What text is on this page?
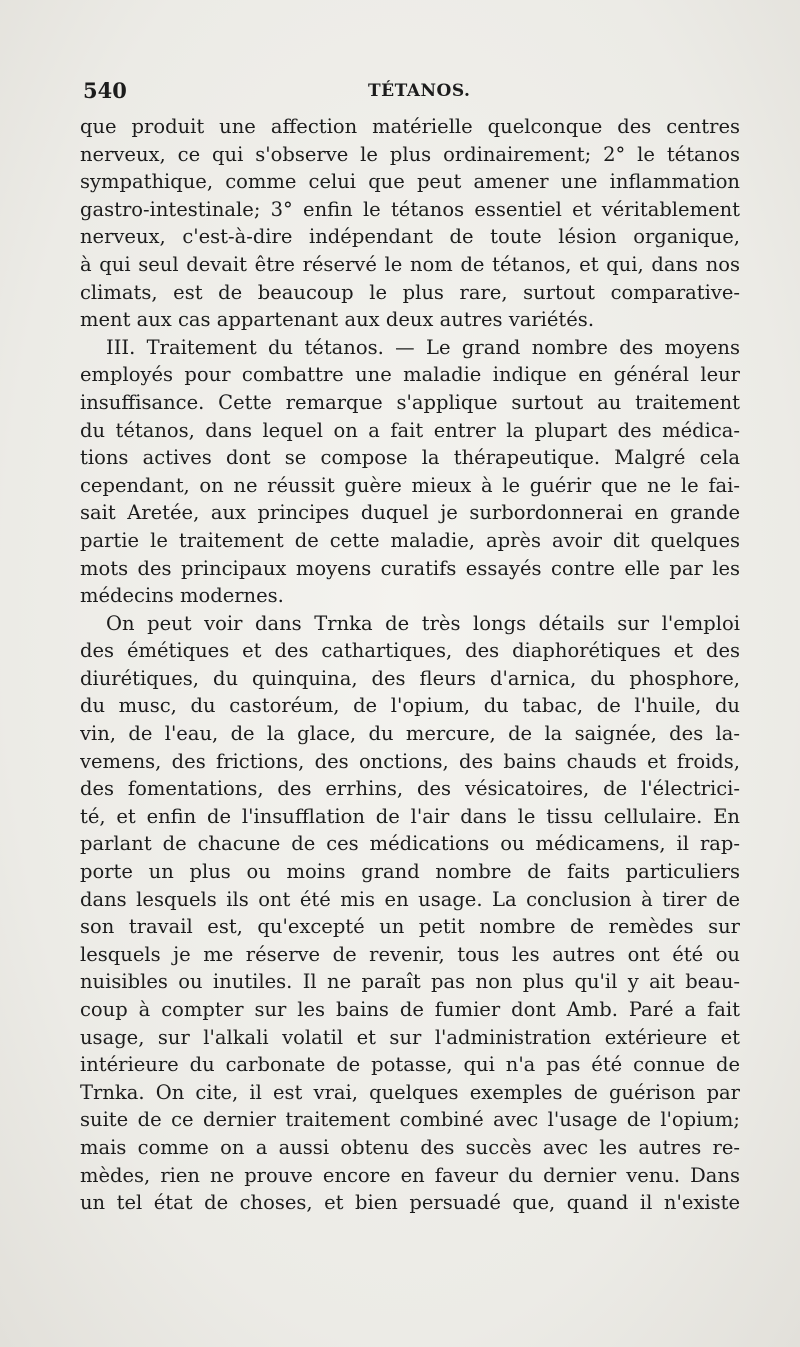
540	TÉTANOS.
que produit une affection matérielle quelconque des centres
nerveux, ce qui s'observe le plus ordinairement; 2° le tétanos
sympathique, comme celui que peut amener une inflammation
gastro-intestinale; 3° enfin le tétanos essentiel et véritablement
nerveux, c'est-à-dire indépendant de toute lésion organique,
à qui seul devait être réservé le nom de tétanos, et qui, dans nos
climats, est de beaucoup le plus rare, surtout comparative-
ment aux cas appartenant aux deux autres variétés.
III. Traitement du tétanos. — Le grand nombre des moyens
employés pour combattre une maladie indique en général leur
insuffisance. Cette remarque s'applique surtout au traitement
du tétanos, dans lequel on a fait entrer la plupart des médica-
tions actives dont se compose la thérapeutique. Malgré cela
cependant, on ne réussit guère mieux à le guérir que ne le fai-
sait Aretée, aux principes duquel je surbordonnerai en grande
partie le traitement de cette maladie, après avoir dit quelques
mots des principaux moyens curatifs essayés contre elle par les
médecins modernes.
On peut voir dans Trnka de très longs détails sur l'emploi
des émétiques et des cathartiques, des diaphorétiques et des
diurétiques, du quinquina, des fleurs d'arnica, du phosphore,
du musc, du castoréum, de l'opium, du tabac, de l'huile, du
vin, de l'eau, de la glace, du mercure, de la saignée, des la-
vemens, des frictions, des onctions, des bains chauds et froids,
des fomentations, des errhins, des vésicatoires, de l'électrici-
té, et enfin de l'insufflation de l'air dans le tissu cellulaire. En
parlant de chacune de ces médications ou médicamens, il rap-
porte un plus ou moins grand nombre de faits particuliers
dans lesquels ils ont été mis en usage. La conclusion à tirer de
son travail est, qu'excepté un petit nombre de remèdes sur
lesquels je me réserve de revenir, tous les autres ont été ou
nuisibles ou inutiles. Il ne paraît pas non plus qu'il y ait beau-
coup à compter sur les bains de fumier dont Amb. Paré a fait
usage, sur l'alkali volatil et sur l'administration extérieure et
intérieure du carbonate de potasse, qui n'a pas été connue de
Trnka. On cite, il est vrai, quelques exemples de guérison par
suite de ce dernier traitement combiné avec l'usage de l'opium;
mais comme on a aussi obtenu des succès avec les autres re-
mèdes, rien ne prouve encore en faveur du dernier venu. Dans
un tel état de choses, et bien persuadé que, quand il n'existe
